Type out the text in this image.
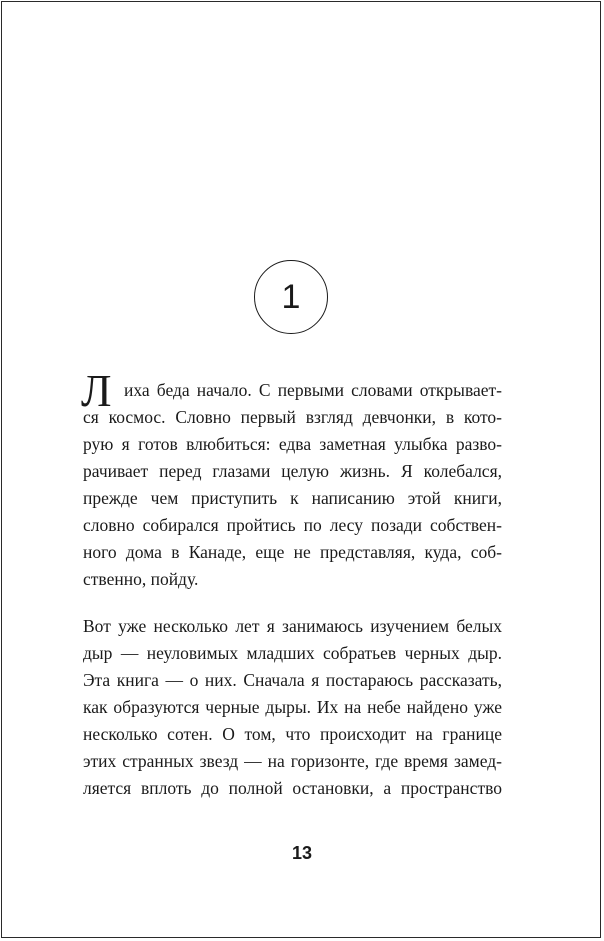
1
Л иха беда начало. С первыми словами открывает-
ся космос. Словно первый взгляд девчонки, в кото-
рую я готов влюбиться: едва заметная улыбка разво-
рачивает перед глазами целую жизнь. Я колебался,
прежде чем приступить к написанию этой книги,
словно собирался пройтись по лесу позади собствен-
ного дома в Канаде, еще не представляя, куда, соб-
ственно, пойду.
Вот уже несколько лет я занимаюсь изучением белых
дыр — неуловимых младших собратьев черных дыр.
Эта книга — о них. Сначала я постараюсь рассказать,
как образуются черные дыры. Их на небе найдено уже
несколько сотен. О том, что происходит на границе
этих странных звезд — на горизонте, где время замед-
ляется вплоть до полной остановки, а пространство
13
